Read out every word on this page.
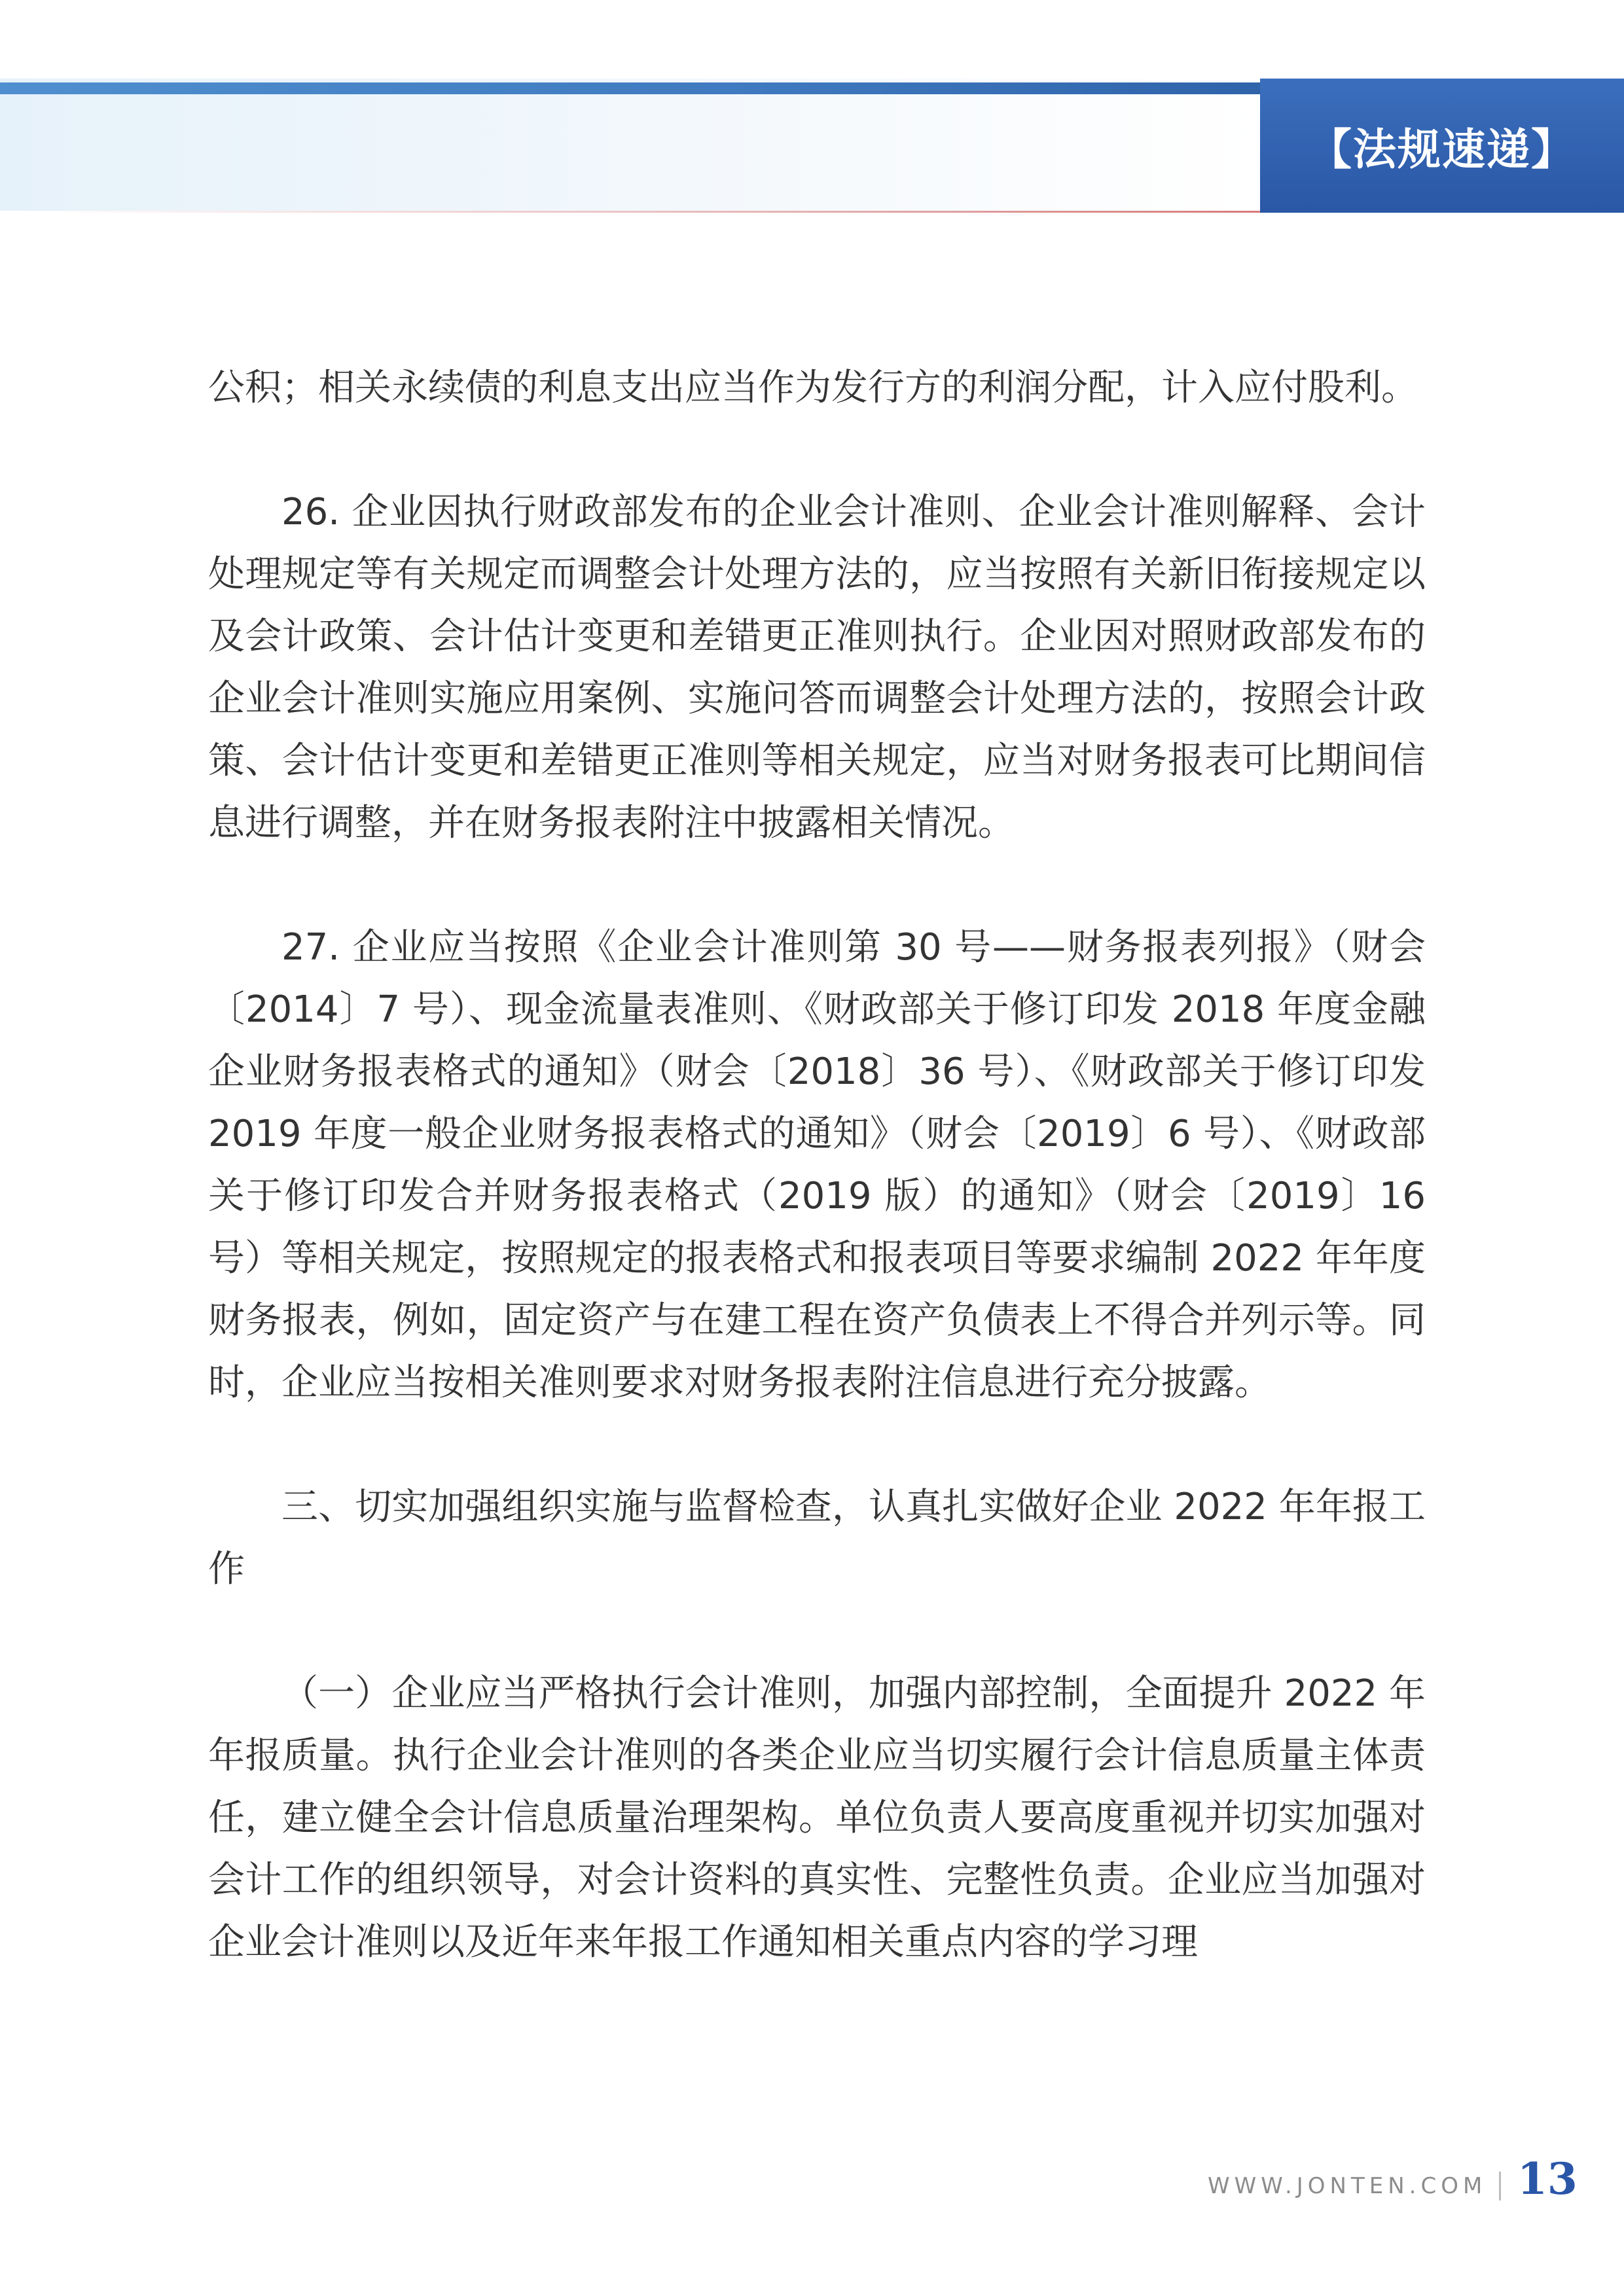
【法规速递】

公积；相关永续债的利息支出应当作为发行方的利润分配，计入应付股利。

26. 企业因执行财政部发布的企业会计准则、企业会计准则解释、会计处理规定等有关规定而调整会计处理方法的，应当按照有关新旧衔接规定以及会计政策、会计估计变更和差错更正准则执行。企业因对照财政部发布的企业会计准则实施应用案例、实施问答而调整会计处理方法的，按照会计政策、会计估计变更和差错更正准则等相关规定，应当对财务报表可比期间信息进行调整，并在财务报表附注中披露相关情况。

27. 企业应当按照《企业会计准则第 30 号——财务报表列报》（财会〔2014〕7 号）、现金流量表准则、《财政部关于修订印发 2018 年度金融企业财务报表格式的通知》（财会〔2018〕36 号）、《财政部关于修订印发 2019 年度一般企业财务报表格式的通知》（财会〔2019〕6 号）、《财政部关于修订印发合并财务报表格式（2019 版）的通知》（财会〔2019〕16 号）等相关规定，按照规定的报表格式和报表项目等要求编制 2022 年年度财务报表，例如，固定资产与在建工程在资产负债表上不得合并列示等。同时，企业应当按相关准则要求对财务报表附注信息进行充分披露。

三、切实加强组织实施与监督检查，认真扎实做好企业 2022 年年报工作

（一）企业应当严格执行会计准则，加强内部控制，全面提升 2022 年年报质量。执行企业会计准则的各类企业应当切实履行会计信息质量主体责任，建立健全会计信息质量治理架构。单位负责人要高度重视并切实加强对会计工作的组织领导，对会计资料的真实性、完整性负责。企业应当加强对企业会计准则以及近年来年报工作通知相关重点内容的学习理

WWW.JONTEN.COM 13
